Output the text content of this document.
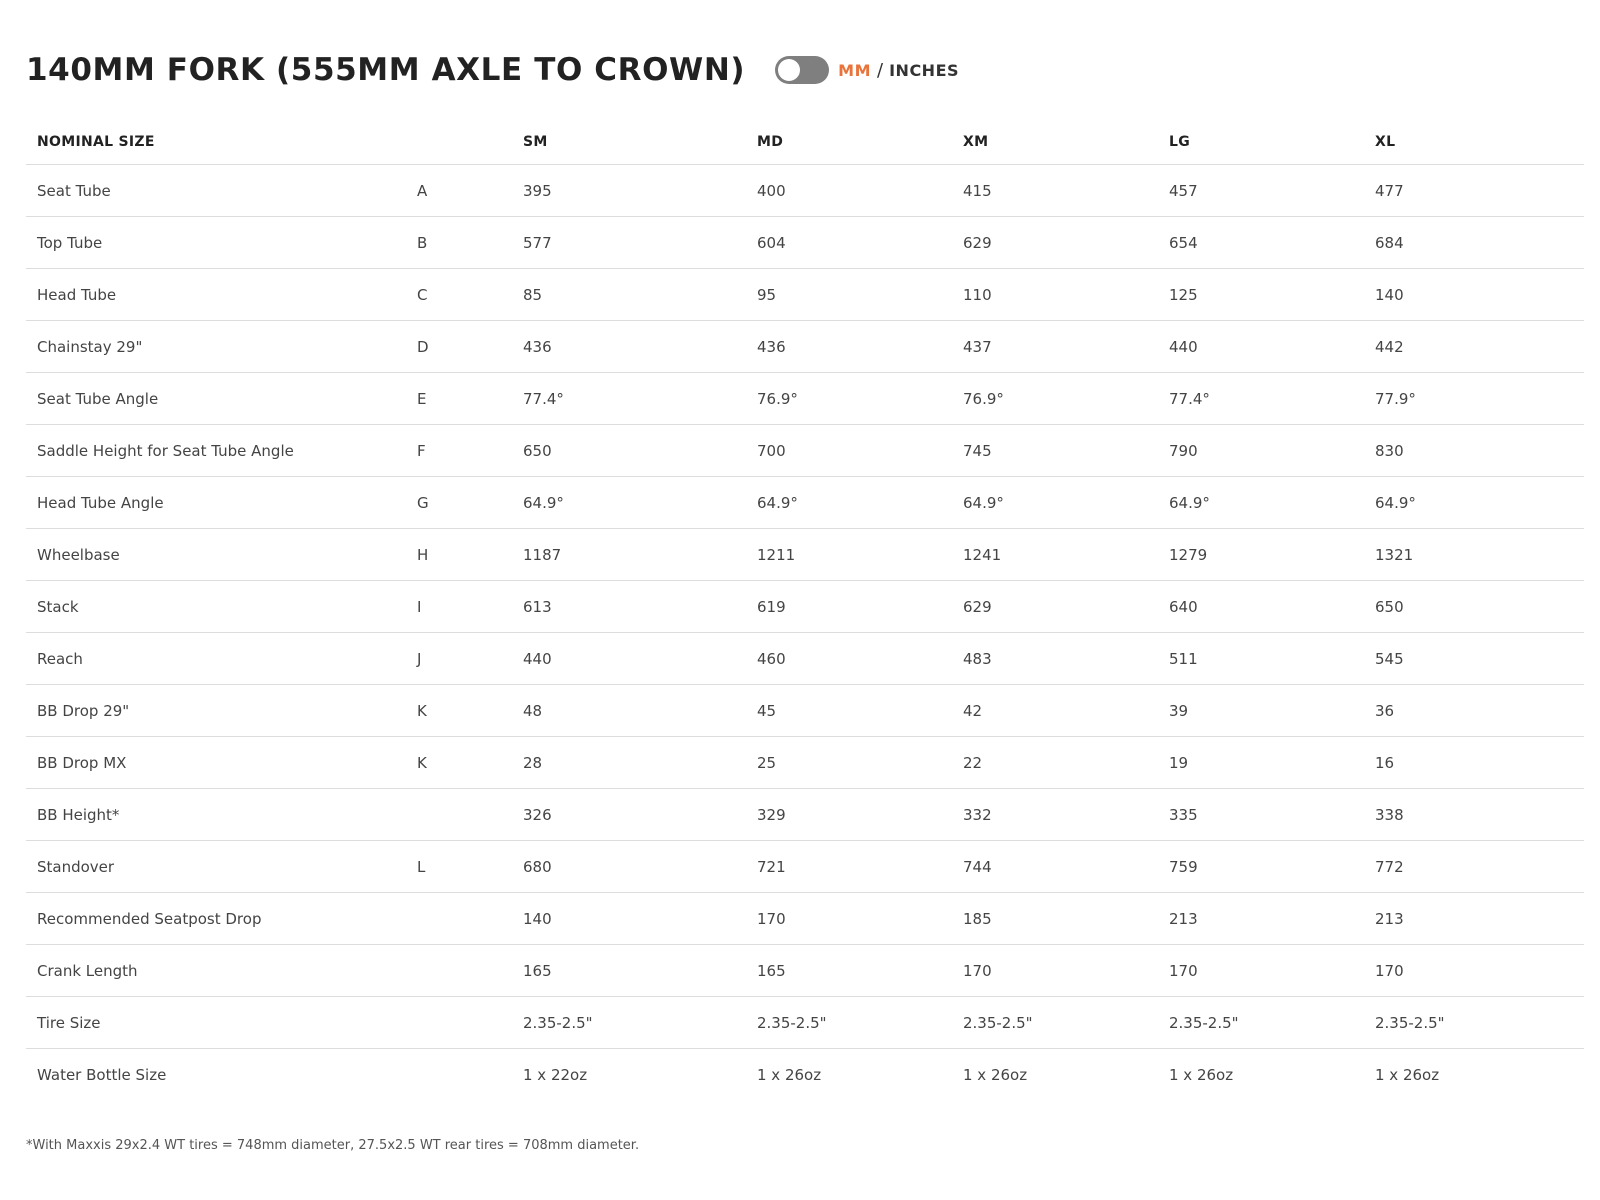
140MM FORK (555MM AXLE TO CROWN)	MM / INCHES
NOMINAL SIZE		SM	MD	XM	LG	XL
Seat Tube	A	395	400	415	457	477
Top Tube	B	577	604	629	654	684
Head Tube	C	85	95	110	125	140
Chainstay 29"	D	436	436	437	440	442
Seat Tube Angle	E	77.4°	76.9°	76.9°	77.4°	77.9°
Saddle Height for Seat Tube Angle	F	650	700	745	790	830
Head Tube Angle	G	64.9°	64.9°	64.9°	64.9°	64.9°
Wheelbase	H	1187	1211	1241	1279	1321
Stack	I	613	619	629	640	650
Reach	J	440	460	483	511	545
BB Drop 29"	K	48	45	42	39	36
BB Drop MX	K	28	25	22	19	16
BB Height*		326	329	332	335	338
Standover	L	680	721	744	759	772
Recommended Seatpost Drop		140	170	185	213	213
Crank Length		165	165	170	170	170
Tire Size		2.35-2.5"	2.35-2.5"	2.35-2.5"	2.35-2.5"	2.35-2.5"
Water Bottle Size		1 x 22oz	1 x 26oz	1 x 26oz	1 x 26oz	1 x 26oz
*With Maxxis 29x2.4 WT tires = 748mm diameter, 27.5x2.5 WT rear tires = 708mm diameter.
